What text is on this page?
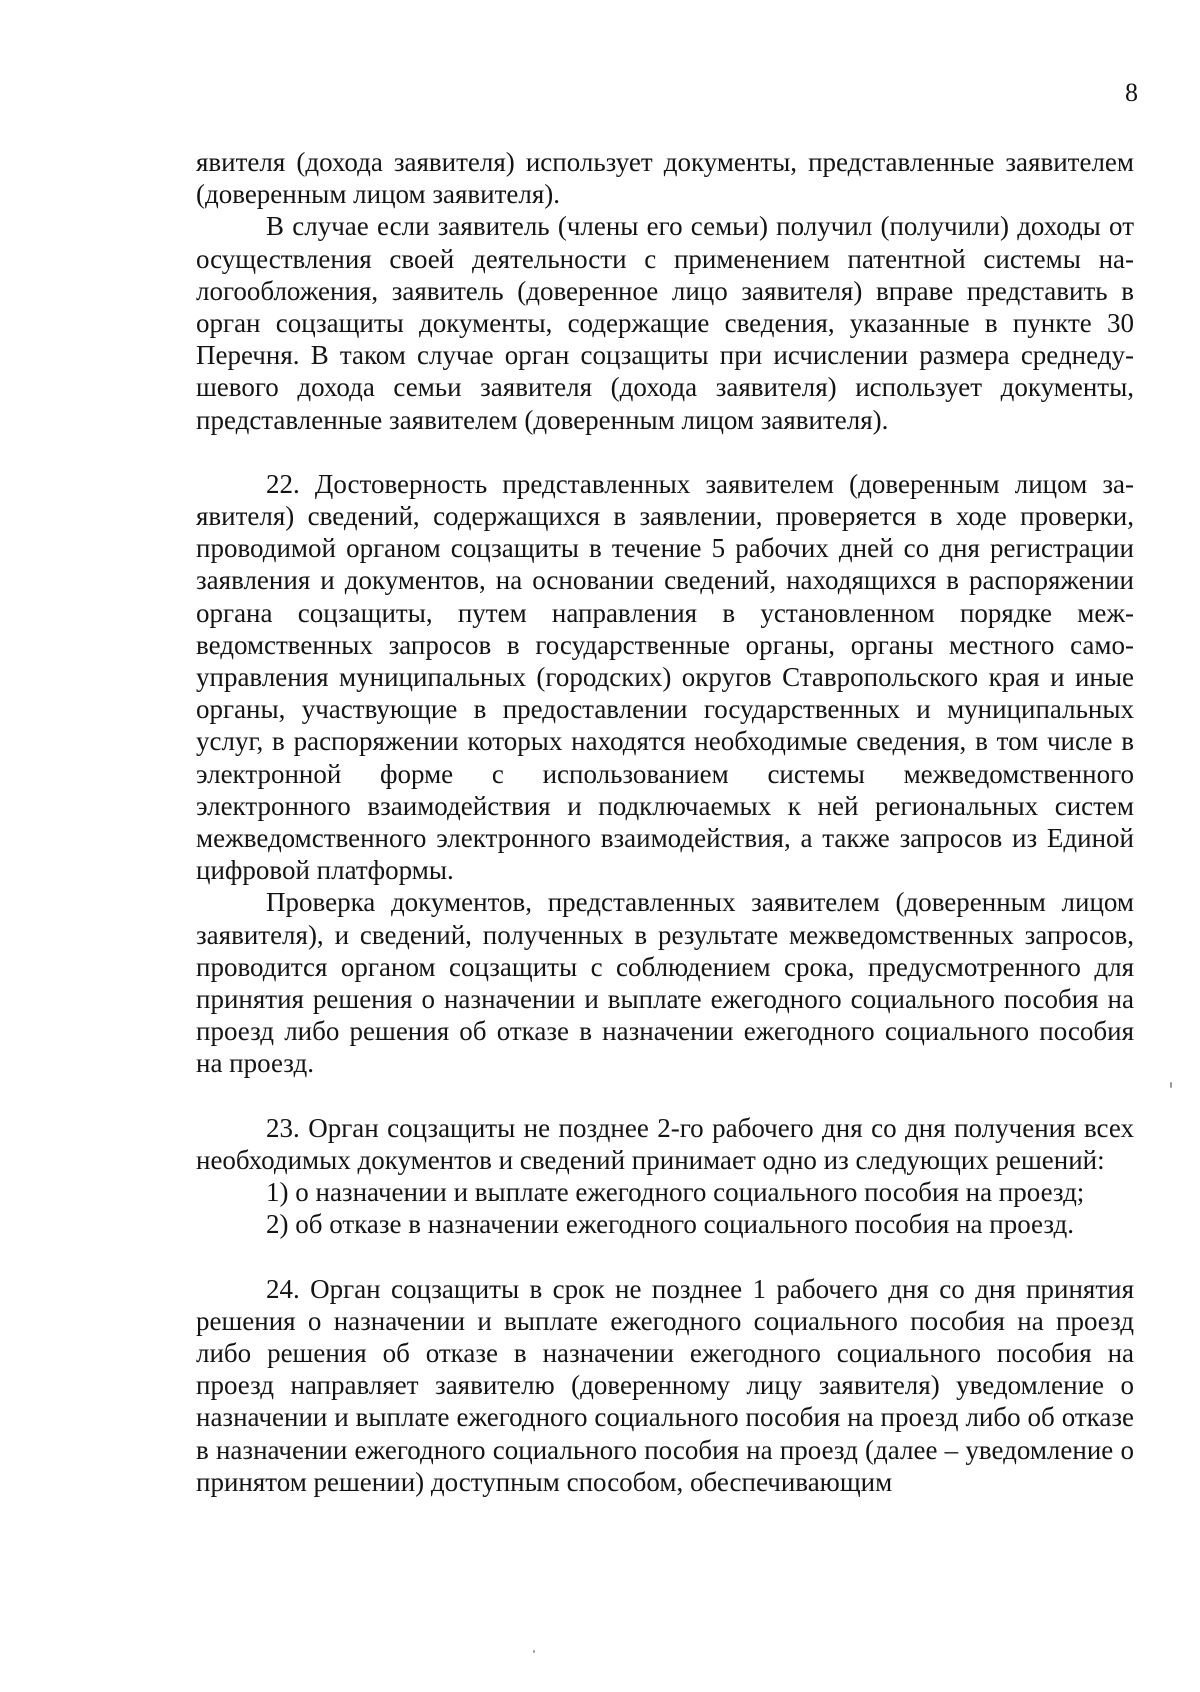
8

явителя (дохода заявителя) использует документы, представленные заявителем (доверенным лицом заявителя).

В случае если заявитель (члены его семьи) получил (получили) доходы от осуществления своей деятельности с применением патентной системы налогообложения, заявитель (доверенное лицо заявителя) вправе представить в орган соцзащиты документы, содержащие сведения, указанные в пункте 30 Перечня. В таком случае орган соцзащиты при исчислении размера среднедушевого дохода семьи заявителя (дохода заявителя) использует документы, представленные заявителем (доверенным лицом заявителя).

22. Достоверность представленных заявителем (доверенным лицом заявителя) сведений, содержащихся в заявлении, проверяется в ходе проверки, проводимой органом соцзащиты в течение 5 рабочих дней со дня регистрации заявления и документов, на основании сведений, находящихся в распоряжении органа соцзащиты, путем направления в установленном порядке межведомственных запросов в государственные органы, органы местного самоуправления муниципальных (городских) округов Ставропольского края и иные органы, участвующие в предоставлении государственных и муниципальных услуг, в распоряжении которых находятся необходимые сведения, в том числе в электронной форме с использованием системы межведомственного электронного взаимодействия и подключаемых к ней региональных систем межведомственного электронного взаимодействия, а также запросов из Единой цифровой платформы.

Проверка документов, представленных заявителем (доверенным лицом заявителя), и сведений, полученных в результате межведомственных запросов, проводится органом соцзащиты с соблюдением срока, предусмотренного для принятия решения о назначении и выплате ежегодного социального пособия на проезд либо решения об отказе в назначении ежегодного социального пособия на проезд.

23. Орган соцзащиты не позднее 2-го рабочего дня со дня получения всех необходимых документов и сведений принимает одно из следующих решений:

1) о назначении и выплате ежегодного социального пособия на проезд;

2) об отказе в назначении ежегодного социального пособия на проезд.

24. Орган соцзащиты в срок не позднее 1 рабочего дня со дня принятия решения о назначении и выплате ежегодного социального пособия на проезд либо решения об отказе в назначении ежегодного социального пособия на проезд направляет заявителю (доверенному лицу заявителя) уведомление о назначении и выплате ежегодного социального пособия на проезд либо об отказе в назначении ежегодного социального пособия на проезд (далее – уведомление о принятом решении) доступным способом, обеспечивающим
